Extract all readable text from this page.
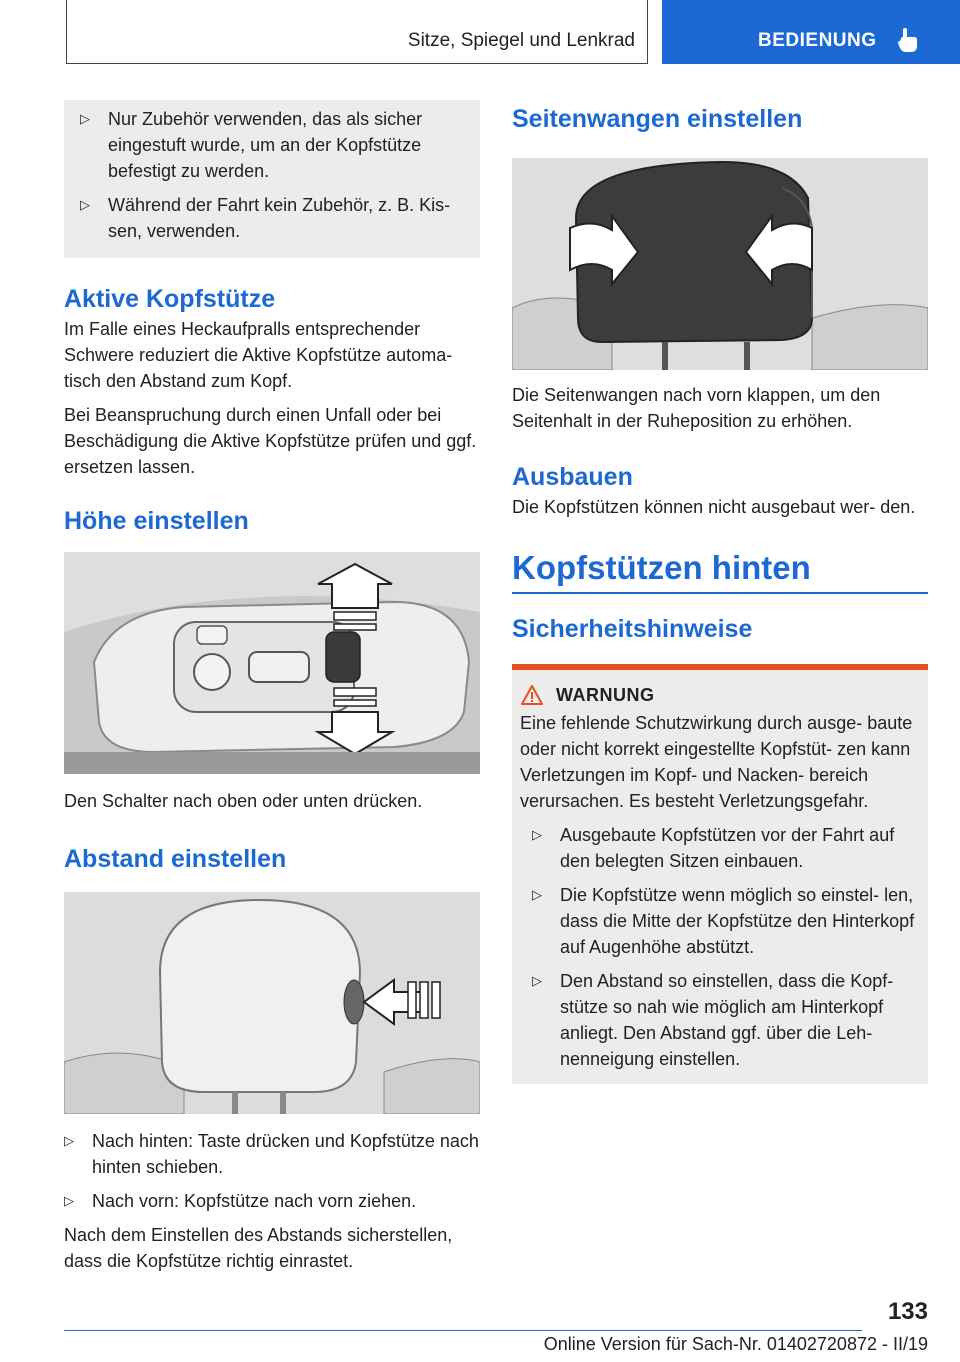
Sitze, Spiegel und Lenkrad	BEDIENUNG
▷ Nur Zubehör verwenden, das als sicher eingestuft wurde, um an der Kopfstütze befestigt zu werden.
▷ Während der Fahrt kein Zubehör, z. B. Kis- sen, verwenden.
Aktive Kopfstütze

Im Falle eines Heckaufpralls entsprechender Schwere reduziert die Aktive Kopfstütze automa- tisch den Abstand zum Kopf.

Bei Beanspruchung durch einen Unfall oder bei Beschädigung die Aktive Kopfstütze prüfen und ggf. ersetzen lassen.

Höhe einstellen

Den Schalter nach oben oder unten drücken.

Abstand einstellen
▷ Nach hinten: Taste drücken und Kopfstütze nach hinten schieben.
▷ Nach vorn: Kopfstütze nach vorn ziehen.

Nach dem Einstellen des Abstands sicherstellen, dass die Kopfstütze richtig einrastet.

Seitenwangen einstellen

Die Seitenwangen nach vorn klappen, um den Seitenhalt in der Ruheposition zu erhöhen.

Ausbauen

Die Kopfstützen können nicht ausgebaut wer- den.

Kopfstützen hinten
Sicherheitshinweise
WARNUNG

Eine fehlende Schutzwirkung durch ausge- baute oder nicht korrekt eingestellte Kopfstüt- zen kann Verletzungen im Kopf- und Nacken- bereich verursachen. Es besteht Verletzungsgefahr.

▷ Ausgebaute Kopfstützen vor der Fahrt auf den belegten Sitzen einbauen.
▷ Die Kopfstütze wenn möglich so einstel- len, dass die Mitte der Kopfstütze den Hinterkopf auf Augenhöhe abstützt.
▷ Den Abstand so einstellen, dass die Kopf- stütze so nah wie möglich am Hinterkopf anliegt. Den Abstand ggf. über die Leh- nenneigung einstellen.
133
Online Version für Sach-Nr. 01402720872 - II/19
